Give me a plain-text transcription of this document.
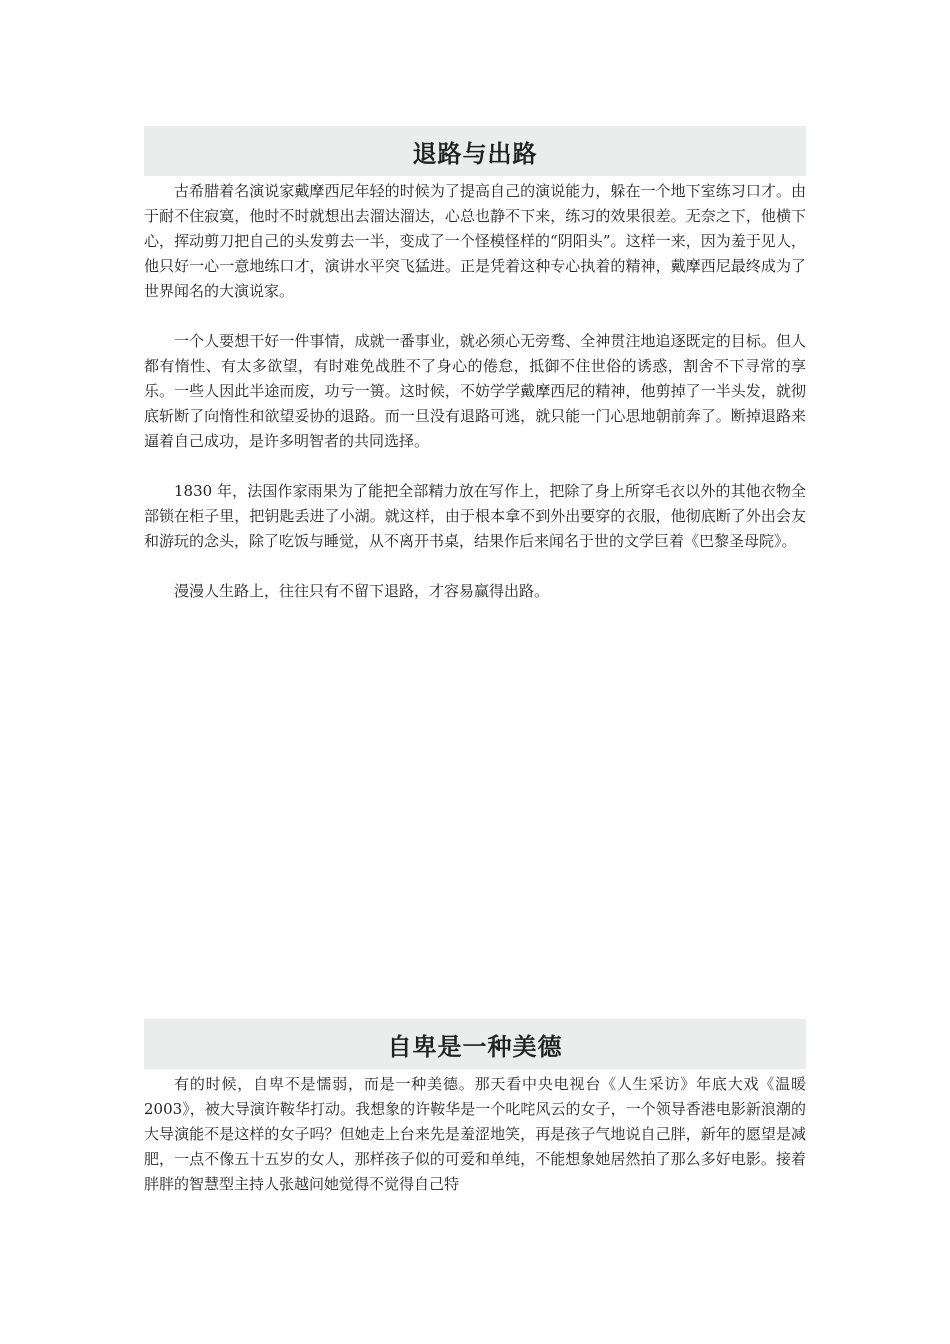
退路与出路

古希腊着名演说家戴摩西尼年轻的时候为了提高自己的演说能力，躲在一个地下室练习口才。由于耐不住寂寞，他时不时就想出去溜达溜达，心总也静不下来，练习的效果很差。无奈之下，他横下心，挥动剪刀把自己的头发剪去一半，变成了一个怪模怪样的“阴阳头”。这样一来，因为羞于见人，他只好一心一意地练口才，演讲水平突飞猛进。正是凭着这种专心执着的精神，戴摩西尼最终成为了世界闻名的大演说家。

一个人要想干好一件事情，成就一番事业，就必须心无旁骛、全神贯注地追逐既定的目标。但人都有惰性、有太多欲望，有时难免战胜不了身心的倦怠，抵御不住世俗的诱惑，割舍不下寻常的享乐。一些人因此半途而废，功亏一篑。这时候，不妨学学戴摩西尼的精神，他剪掉了一半头发，就彻底斩断了向惰性和欲望妥协的退路。而一旦没有退路可逃，就只能一门心思地朝前奔了。断掉退路来逼着自己成功，是许多明智者的共同选择。

1830 年，法国作家雨果为了能把全部精力放在写作上，把除了身上所穿毛衣以外的其他衣物全部锁在柜子里，把钥匙丢进了小湖。就这样，由于根本拿不到外出要穿的衣服，他彻底断了外出会友和游玩的念头，除了吃饭与睡觉，从不离开书桌，结果作后来闻名于世的文学巨着《巴黎圣母院》。

漫漫人生路上，往往只有不留下退路，才容易赢得出路。

自卑是一种美德

有的时候，自卑不是懦弱，而是一种美德。那天看中央电视台《人生采访》年底大戏《温暖 2003》，被大导演许鞍华打动。我想象的许鞍华是一个叱咤风云的女子，一个领导香港电影新浪潮的大导演能不是这样的女子吗？但她走上台来先是羞涩地笑，再是孩子气地说自己胖，新年的愿望是减肥，一点不像五十五岁的女人，那样孩子似的可爱和单纯，不能想象她居然拍了那么多好电影。接着胖胖的智慧型主持人张越问她觉得不觉得自己特
